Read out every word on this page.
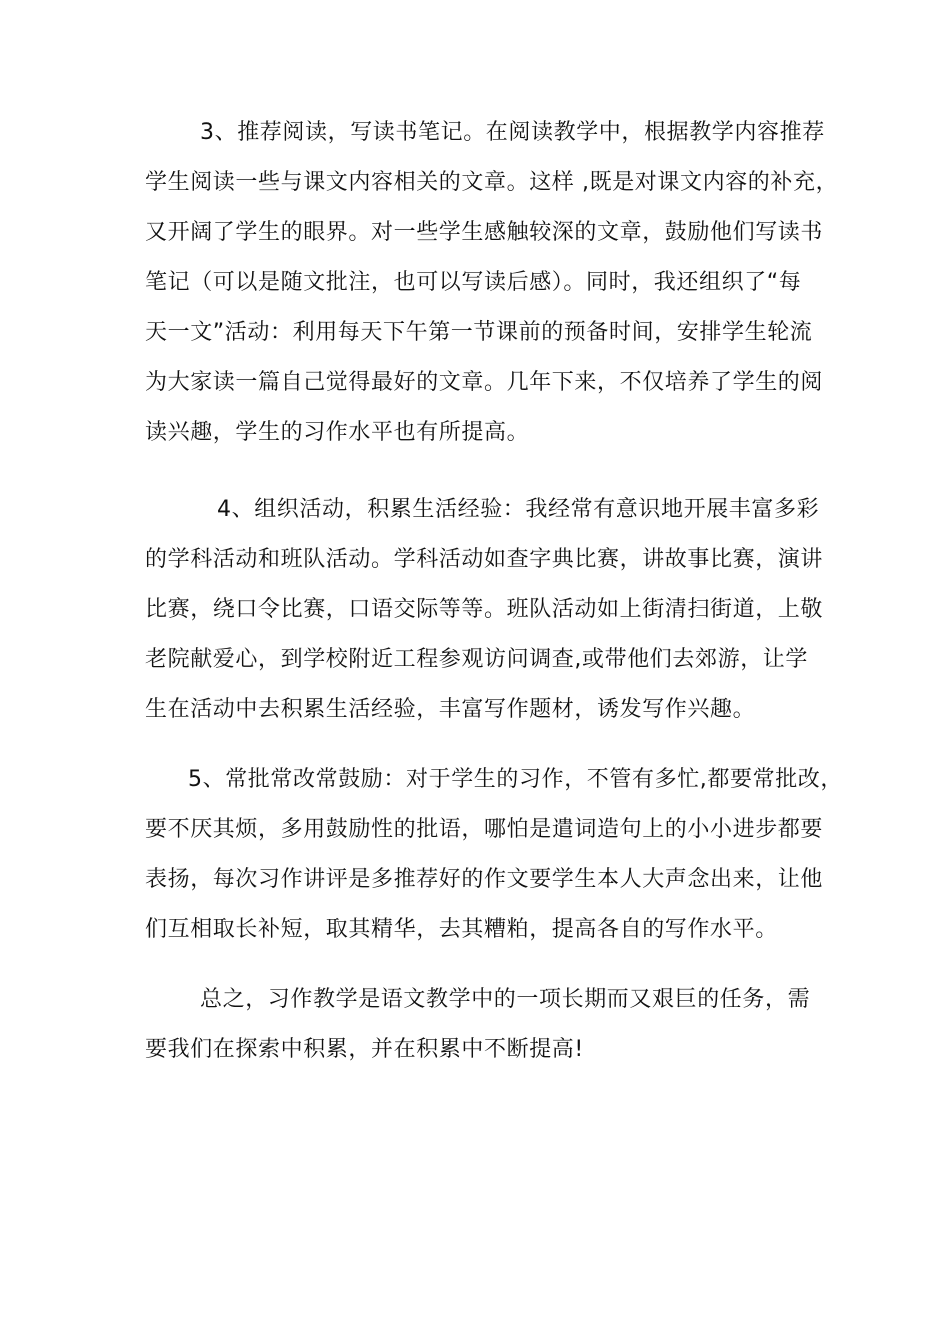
3、推荐阅读，写读书笔记。在阅读教学中，根据教学内容推荐
学生阅读一些与课文内容相关的文章。这样 ,既是对课文内容的补充，
又开阔了学生的眼界。对一些学生感触较深的文章，鼓励他们写读书
笔记（可以是随文批注，也可以写读后感）。同时，我还组织了“每
天一文”活动：利用每天下午第一节课前的预备时间，安排学生轮流
为大家读一篇自己觉得最好的文章。几年下来，不仅培养了学生的阅
读兴趣，学生的习作水平也有所提高。
4、组织活动，积累生活经验：我经常有意识地开展丰富多彩
的学科活动和班队活动。学科活动如查字典比赛，讲故事比赛，演讲
比赛，绕口令比赛，口语交际等等。班队活动如上街清扫街道，上敬
老院献爱心，到学校附近工程参观访问调查,或带他们去郊游，让学
生在活动中去积累生活经验，丰富写作题材，诱发写作兴趣。
5、常批常改常鼓励：对于学生的习作，不管有多忙,都要常批改，
要不厌其烦，多用鼓励性的批语，哪怕是遣词造句上的小小进步都要
表扬，每次习作讲评是多推荐好的作文要学生本人大声念出来，让他
们互相取长补短，取其精华，去其糟粕，提高各自的写作水平。
总之，习作教学是语文教学中的一项长期而又艰巨的任务，需
要我们在探索中积累，并在积累中不断提高!
